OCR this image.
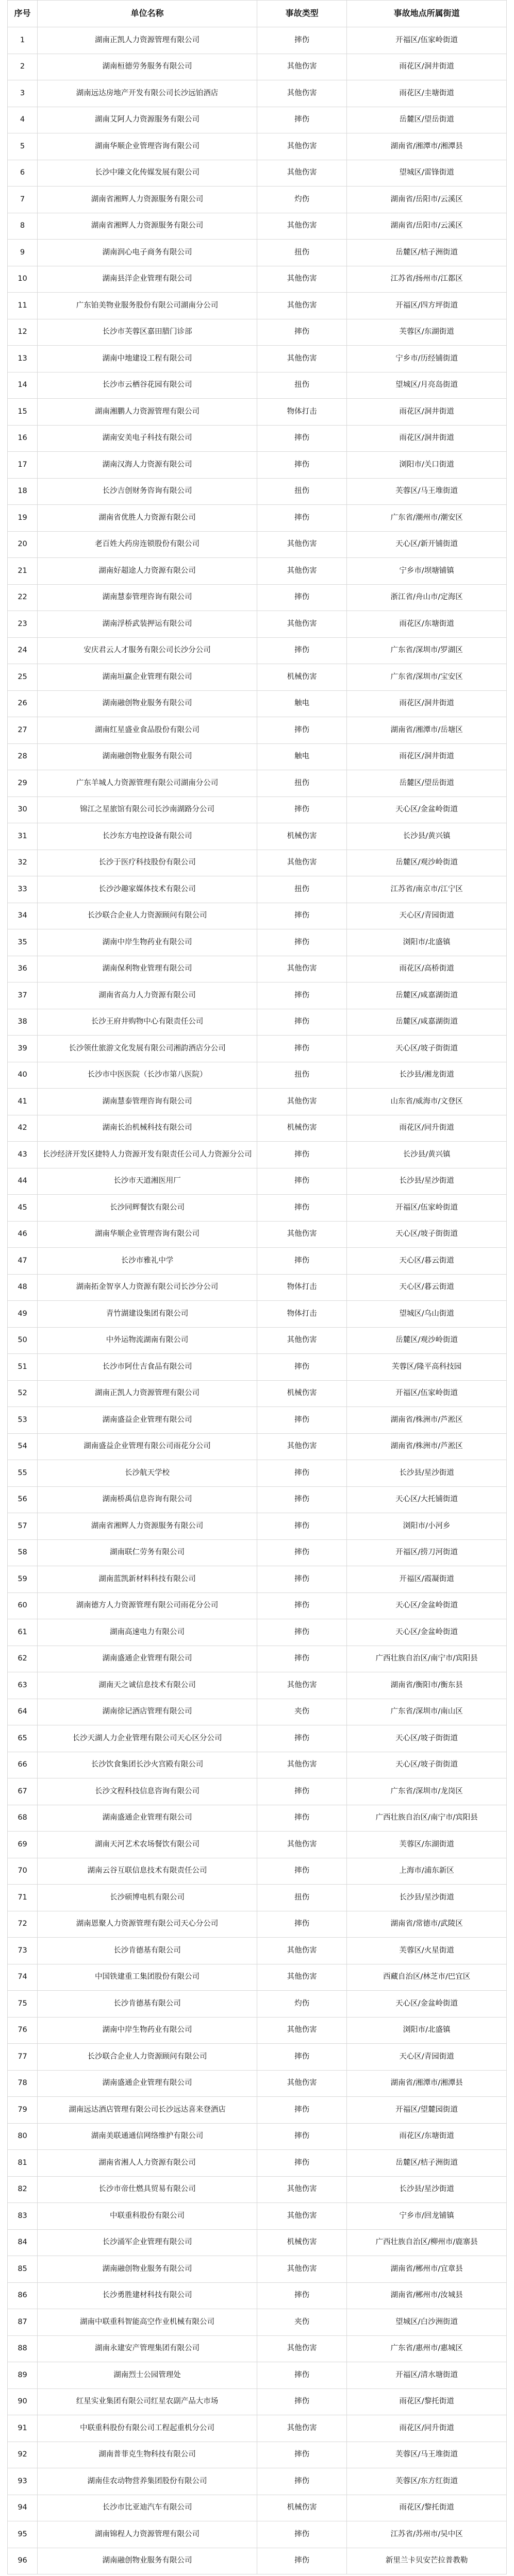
序号	单位名称	事故类型	事故地点所属街道
1	湖南正凯人力资源管理有限公司	摔伤	开福区/伍家岭街道
2	湖南桓德劳务服务有限公司	其他伤害	雨花区/洞井街道
3	湖南远达房地产开发有限公司长沙远铂酒店	其他伤害	雨花区/圭塘街道
4	湖南艾阿人力资源服务有限公司	摔伤	岳麓区/望岳街道
5	湖南华顺企业管理咨询有限公司	其他伤害	湖南省/湘潭市/湘潭县
6	长沙中臻文化传媒发展有限公司	其他伤害	望城区/雷锋街道
7	湖南省湘辉人力资源服务有限公司	灼伤	湖南省/岳阳市/云溪区
8	湖南省湘辉人力资源服务有限公司	其他伤害	湖南省/岳阳市/云溪区
9	湖南润心电子商务有限公司	扭伤	岳麓区/桔子洲街道
10	湖南县洋企业管理有限公司	其他伤害	江苏省/扬州市/江都区
11	广东铂美物业服务股份有限公司湖南分公司	其他伤害	开福区/四方坪街道
12	长沙市芙蓉区嘉田腊门诊部	摔伤	芙蓉区/东湖街道
13	湖南中地建设工程有限公司	其他伤害	宁乡市/历经铺街道
14	长沙市云栖谷花园有限公司	扭伤	望城区/月亮岛街道
15	湖南湘鹏人力资源管理有限公司	物体打击	雨花区/洞井街道
16	湖南安美电子科技有限公司	摔伤	雨花区/洞井街道
17	湖南汉海人力资源有限公司	摔伤	浏阳市/关口街道
18	长沙吉创财务咨询有限公司	扭伤	芙蓉区/马王堆街道
19	湖南省优胜人力资源有限公司	摔伤	广东省/潮州市/潮安区
20	老百姓大药房连锁股份有限公司	其他伤害	天心区/新开铺街道
21	湖南好超途人力资源有限公司	其他伤害	宁乡市/坝塘铺镇
22	湖南慧泰管理咨询有限公司	摔伤	浙江省/舟山市/定海区
23	湖南浮桥武装押运有限公司	其他伤害	雨花区/东塘街道
24	安庆君云人才服务有限公司长沙分公司	摔伤	广东省/深圳市/罗湖区
25	湖南垣赢企业管理有限公司	机械伤害	广东省/深圳市/宝安区
26	湖南融创物业服务有限公司	触电	雨花区/洞井街道
27	湖南红星盛业食品股份有限公司	摔伤	湖南省/湘潭市/岳塘区
28	湖南融创物业服务有限公司	触电	雨花区/洞井街道
29	广东羊城人力资源管理有限公司湖南分公司	扭伤	岳麓区/望岳街道
30	锦江之星旅馆有限公司长沙南湖路分公司	摔伤	天心区/金盆岭街道
31	长沙东方电控设备有限公司	机械伤害	长沙县/黄兴镇
32	长沙于医疗科技股份有限公司	其他伤害	岳麓区/观沙岭街道
33	长沙沙趣家媒体技术有限公司	扭伤	江苏省/南京市/江宁区
34	长沙联合企业人力资源顾问有限公司	摔伤	天心区/青园街道
35	湖南中岸生物药业有限公司	摔伤	浏阳市/北盛镇
36	湖南保利物业管理有限公司	其他伤害	雨花区/高桥街道
37	湖南省高力人力资源有限公司	摔伤	岳麓区/咸嘉湖街道
38	长沙王府井购物中心有限责任公司	摔伤	岳麓区/咸嘉湖街道
39	长沙领仕旅游文化发展有限公司湘韵酒店分公司	摔伤	天心区/坡子街街道
40	长沙市中医医院（长沙市第八医院）	扭伤	长沙县/湘龙街道
41	湖南慧泰管理咨询有限公司	其他伤害	山东省/威海市/文登区
42	湖南长治机械科技有限公司	机械伤害	雨花区/同升街道
43	长沙经济开发区捷特人力资源开发有限责任公司人力资源分公司	摔伤	长沙县/黄兴镇
44	长沙市天道湘医用厂	摔伤	长沙县/星沙街道
45	长沙同辉餐饮有限公司	摔伤	开福区/伍家岭街道
46	湖南华顺企业管理咨询有限公司	其他伤害	天心区/坡子街街道
47	长沙市雅礼中学	摔伤	天心区/暮云街道
48	湖南拓金智享人力资源有限公司长沙分公司	物体打击	天心区/暮云街道
49	青竹湖建设集团有限公司	物体打击	望城区/乌山街道
50	中外运物流湖南有限公司	其他伤害	岳麓区/观沙岭街道
51	长沙市阿仕吉食品有限公司	摔伤	芙蓉区/隆平高科技园
52	湖南正凯人力资源管理有限公司	机械伤害	开福区/伍家岭街道
53	湖南盛益企业管理有限公司	摔伤	湖南省/株洲市/芦淞区
54	湖南盛益企业管理有限公司雨花分公司	其他伤害	湖南省/株洲市/芦淞区
55	长沙航天学校	摔伤	长沙县/星沙街道
56	湖南桥禹信息咨询有限公司	摔伤	天心区/大托铺街道
57	湖南省湘辉人力资源服务有限公司	摔伤	浏阳市/小河乡
58	湖南联仁劳务有限公司	摔伤	开福区/捞刀河街道
59	湖南蓝凯新材料科技有限公司	摔伤	开福区/霞凝街道
60	湖南德方人力资源管理有限公司雨花分公司	摔伤	天心区/金盆岭街道
61	湖南高速电力有限公司	摔伤	天心区/金盆岭街道
62	湖南盛通企业管理有限公司	摔伤	广西壮族自治区/南宁市/宾阳县
63	湖南天之诚信息技术有限公司	其他伤害	湖南省/衡阳市/衡东县
64	湖南徐记酒店管理有限公司	夹伤	广东省/深圳市/南山区
65	长沙天湖人力企业管理有限公司天心区分公司	摔伤	天心区/坡子街街道
66	长沙饮食集团长沙火宫殿有限公司	其他伤害	天心区/坡子街街道
67	长沙文程科技信息咨询有限公司	摔伤	广东省/深圳市/龙岗区
68	湖南盛通企业管理有限公司	摔伤	广西壮族自治区/南宁市/宾阳县
69	湖南天河艺术农场餐饮有限公司	其他伤害	芙蓉区/东湖街道
70	湖南云谷互联信息技术有限责任公司	摔伤	上海市/浦东新区
71	长沙硕博电机有限公司	扭伤	长沙县/星沙街道
72	湖南恩聚人力资源管理有限公司天心分公司	摔伤	湖南省/常德市/武陵区
73	长沙肯德基有限公司	其他伤害	芙蓉区/火星街道
74	中国铁建重工集团股份有限公司	其他伤害	西藏自治区/林芝市/巴宜区
75	长沙肯德基有限公司	灼伤	天心区/金盆岭街道
76	湖南中岸生物药业有限公司	其他伤害	浏阳市/北盛镇
77	长沙联合企业人力资源顾问有限公司	摔伤	天心区/青园街道
78	湖南盛通企业管理有限公司	其他伤害	湖南省/湘潭市/湘潭县
79	湖南远达酒店管理有限公司长沙远达喜来登酒店	摔伤	开福区/望麓园街道
80	湖南美联通通信网络维护有限公司	摔伤	雨花区/东塘街道
81	湖南省湘人人力资源有限公司	摔伤	岳麓区/桔子洲街道
82	长沙市帝仕燃具贸易有限公司	其他伤害	长沙县/星沙街道
83	中联重科股份有限公司	其他伤害	宁乡市/回龙铺镇
84	长沙涌军企业管理有限公司	机械伤害	广西壮族自治区/柳州市/鹿寨县
85	湖南融创物业服务有限公司	其他伤害	湖南省/郴州市/宜章县
86	长沙勇胜建材科技有限公司	摔伤	湖南省/郴州市/汝城县
87	湖南中联重科智能高空作业机械有限公司	夹伤	望城区/白沙洲街道
88	湖南永建安产管理集团有限公司	其他伤害	广东省/惠州市/惠城区
89	湖南烈士公园管理处	摔伤	开福区/清水塘街道
90	红星实业集团有限公司红星农副产品大市场	摔伤	雨花区/黎托街道
91	中联重科股份有限公司工程起重机分公司	其他伤害	雨花区/同升街道
92	湖南普菲克生物科技有限公司	摔伤	芙蓉区/马王堆街道
93	湖南佳农动物营养集团股份有限公司	摔伤	芙蓉区/东方红街道
94	长沙市比亚迪汽车有限公司	机械伤害	雨花区/黎托街道
95	湖南锦程人力资源管理有限公司	摔伤	江苏省/苏州市/吴中区
96	湖南融创物业服务有限公司	摔伤	新里兰卡贝安芒拉普教勒
